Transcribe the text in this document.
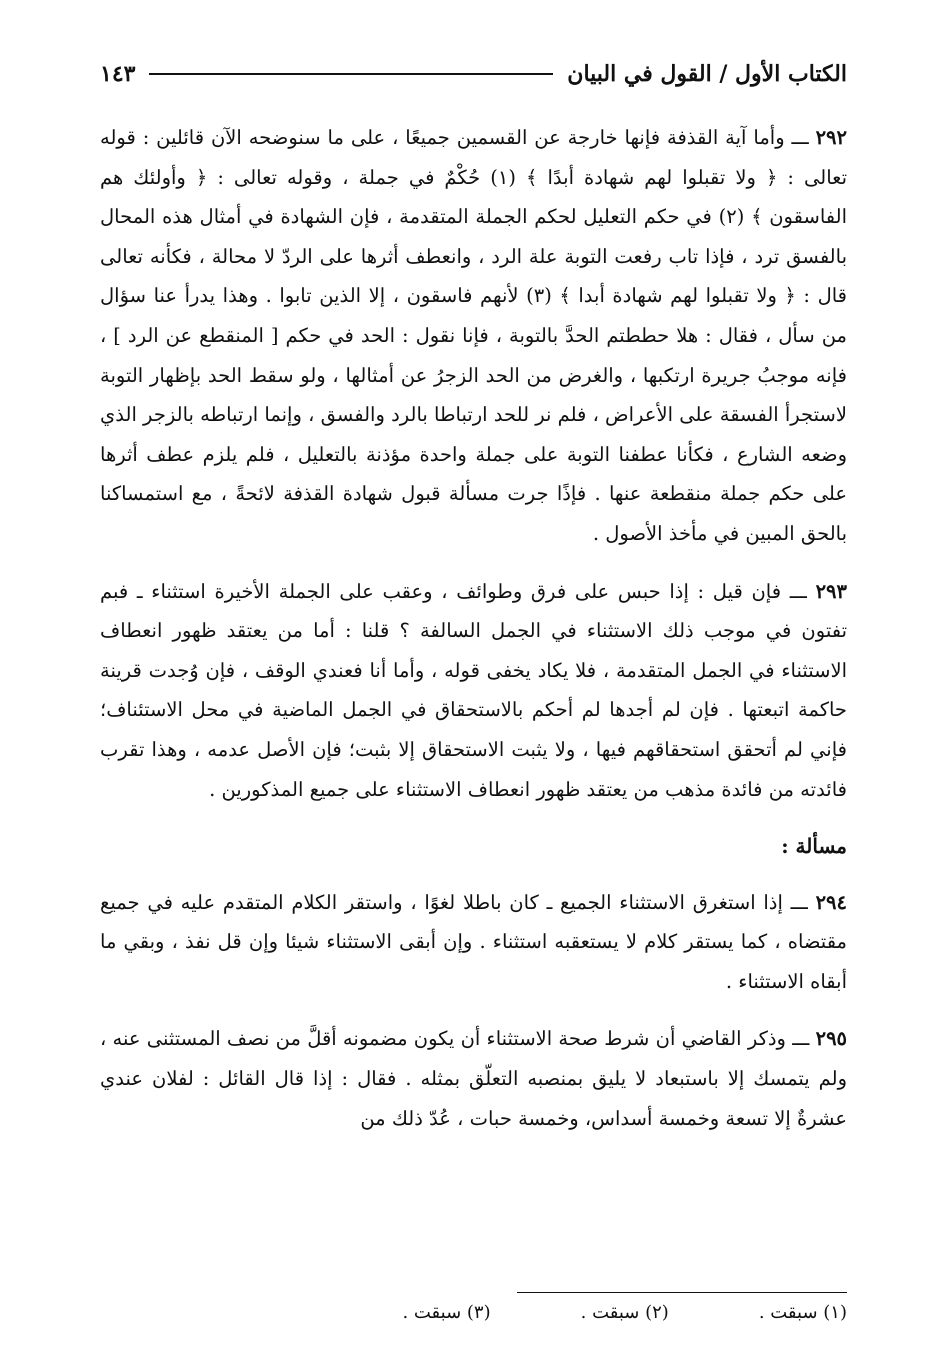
الكتاب الأول / القول في البيان
١٤٣

٢٩٢ ـــ وأما آية القذفة فإنها خارجة عن القسمين جميعًا ، على ما سنوضحه الآن قائلين : قوله تعالى : ﴿ ولا تقبلوا لهم شهادة أبدًا ﴾ (١) حُكْمٌ في جملة ، وقوله تعالى : ﴿ وأولئك هم الفاسقون ﴾ (٢) في حكم التعليل لحكم الجملة المتقدمة ، فإن الشهادة في أمثال هذه المحال بالفسق ترد ، فإذا تاب رفعت التوبة علة الرد ، وانعطف أثرها على الردّ لا محالة ، فكأنه تعالى قال : ﴿ ولا تقبلوا لهم شهادة أبدا ﴾ (٣) لأنهم فاسقون ، إلا الذين تابوا . وهذا يدرأ عنا سؤال من سأل ، فقال : هلا حططتم الحدَّ بالتوبة ، فإنا نقول : الحد في حكم [ المنقطع عن الرد ] ، فإنه موجبُ جريرة ارتكبها ، والغرض من الحد الزجرُ عن أمثالها ، ولو سقط الحد بإظهار التوبة لاستجرأ الفسقة على الأعراض ، فلم نر للحد ارتباطا بالرد والفسق ، وإنما ارتباطه بالزجر الذي وضعه الشارع ، فكأنا عطفنا التوبة على جملة واحدة مؤذنة بالتعليل ، فلم يلزم عطف أثرها على حكم جملة منقطعة عنها . فإذًا جرت مسألة قبول شهادة القذفة لائحةً ، مع استمساكنا بالحق المبين في مأخذ الأصول .

٢٩٣ ـــ فإن قيل : إذا حبس على فرق وطوائف ، وعقب على الجملة الأخيرة استثناء ـ فبم تفتون في موجب ذلك الاستثناء في الجمل السالفة ؟ قلنا : أما من يعتقد ظهور انعطاف الاستثناء في الجمل المتقدمة ، فلا يكاد يخفى قوله ، وأما أنا فعندي الوقف ، فإن وُجدت قرينة حاكمة اتبعتها . فإن لم أجدها لم أحكم بالاستحقاق في الجمل الماضية في محل الاستئناف؛ فإني لم أتحقق استحقاقهم فيها ، ولا يثبت الاستحقاق إلا بثبت؛ فإن الأصل عدمه ، وهذا تقرب فائدته من فائدة مذهب من يعتقد ظهور انعطاف الاستثناء على جميع المذكورين .

مسألة :

٢٩٤ ـــ إذا استغرق الاستثناء الجميع ـ كان باطلا لغوًا ، واستقر الكلام المتقدم عليه في جميع مقتضاه ، كما يستقر كلام لا يستعقبه استثناء . وإن أبقى الاستثناء شيئا وإن قل نفذ ، وبقي ما أبقاه الاستثناء .

٢٩٥ ـــ وذكر القاضي أن شرط صحة الاستثناء أن يكون مضمونه أقلَّ من نصف المستثنى عنه ، ولم يتمسك إلا باستبعاد لا يليق بمنصبه التعلّق بمثله . فقال : إذا قال القائل : لفلان عندي عشرةٌ إلا تسعة وخمسة أسداس، وخمسة حبات ، عُدّ ذلك من

(١) سبقت .
(٢) سبقت .
(٣) سبقت .
